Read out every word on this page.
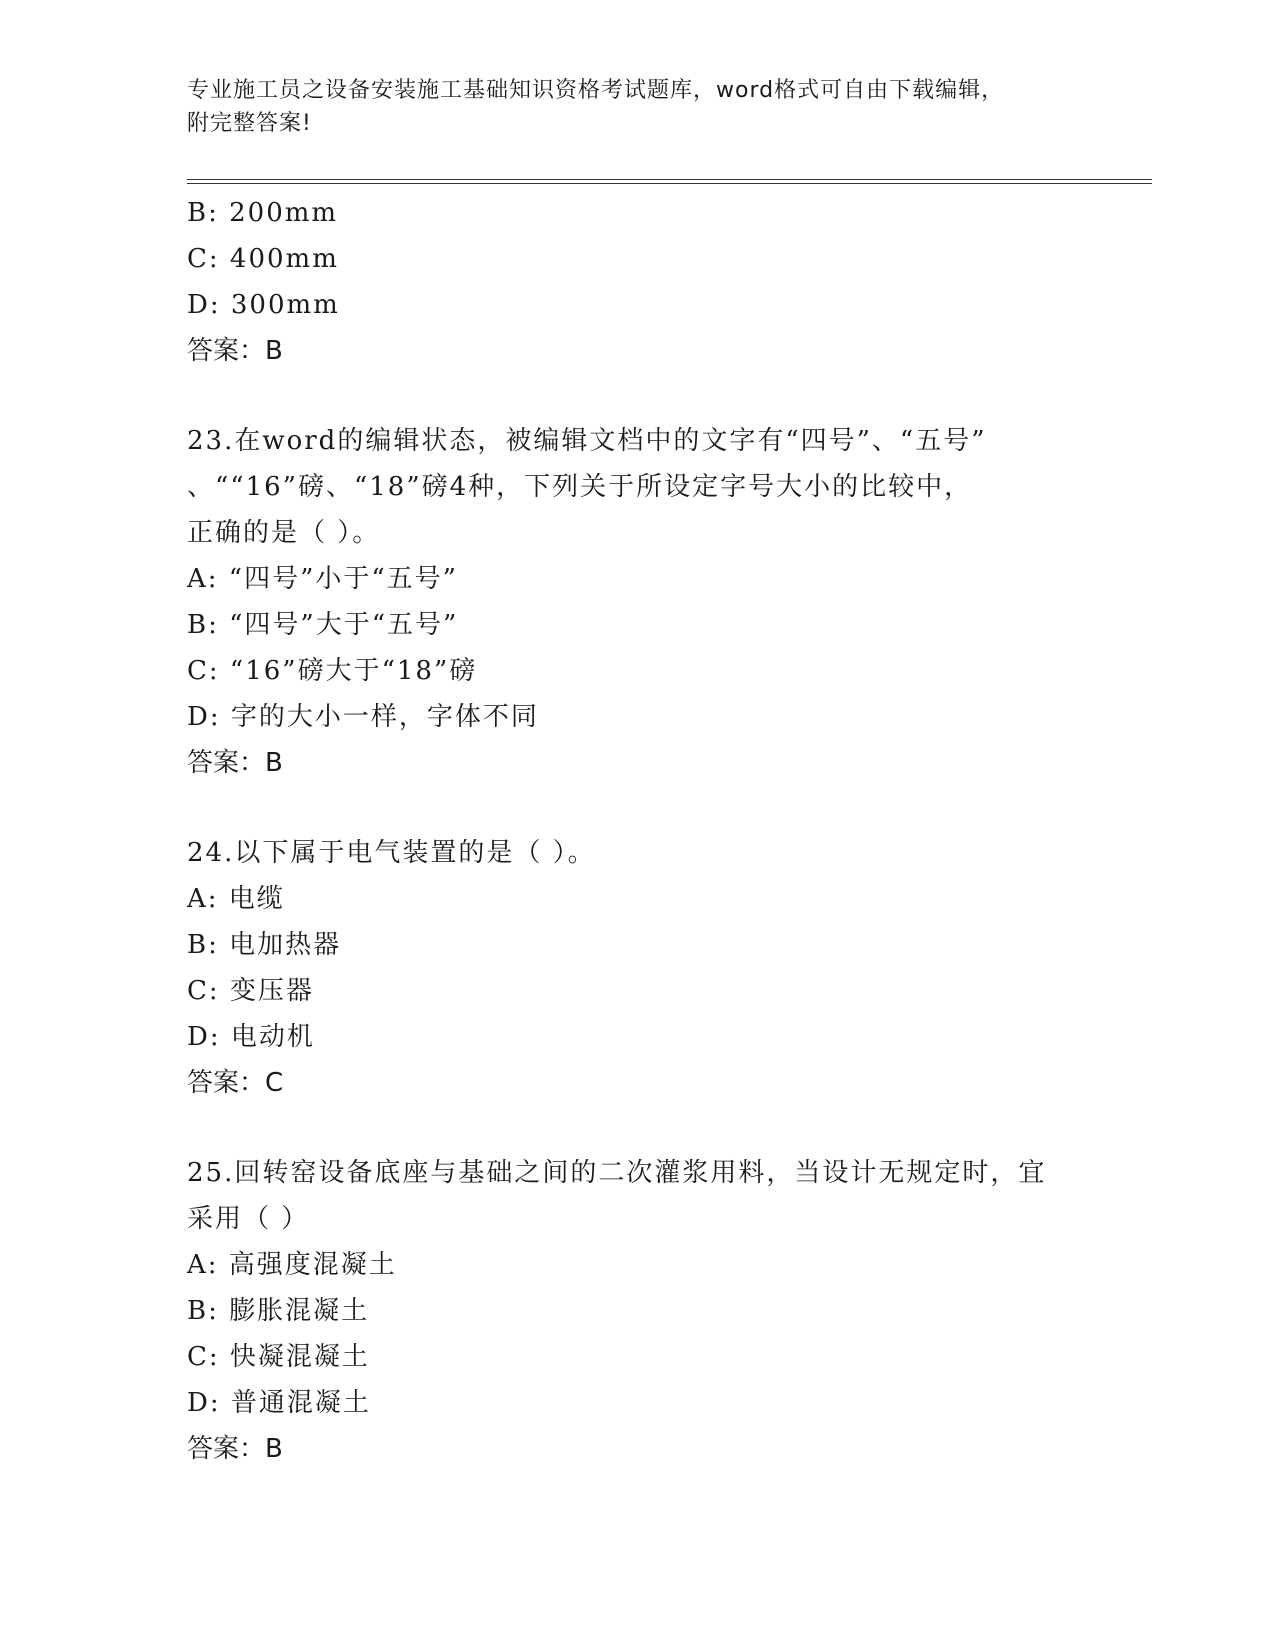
专业施工员之设备安装施工基础知识资格考试题库，word格式可自由下载编辑，
附完整答案!
B: 200mm
C: 400mm
D: 300mm
答案：B
23.在word的编辑状态，被编辑文档中的文字有“四号”、“五号”
、““16”磅、“18”磅4种，下列关于所设定字号大小的比较中，
正确的是（ ）。
A: “四号”小于“五号”
B: “四号”大于“五号”
C: “16”磅大于“18”磅
D: 字的大小一样，字体不同
答案：B
24.以下属于电气装置的是（ ）。
A: 电缆
B: 电加热器
C: 变压器
D: 电动机
答案：C
25.回转窑设备底座与基础之间的二次灌浆用料，当设计无规定时，宜
采用（ ）
A: 高强度混凝土
B: 膨胀混凝土
C: 快凝混凝土
D: 普通混凝土
答案：B
